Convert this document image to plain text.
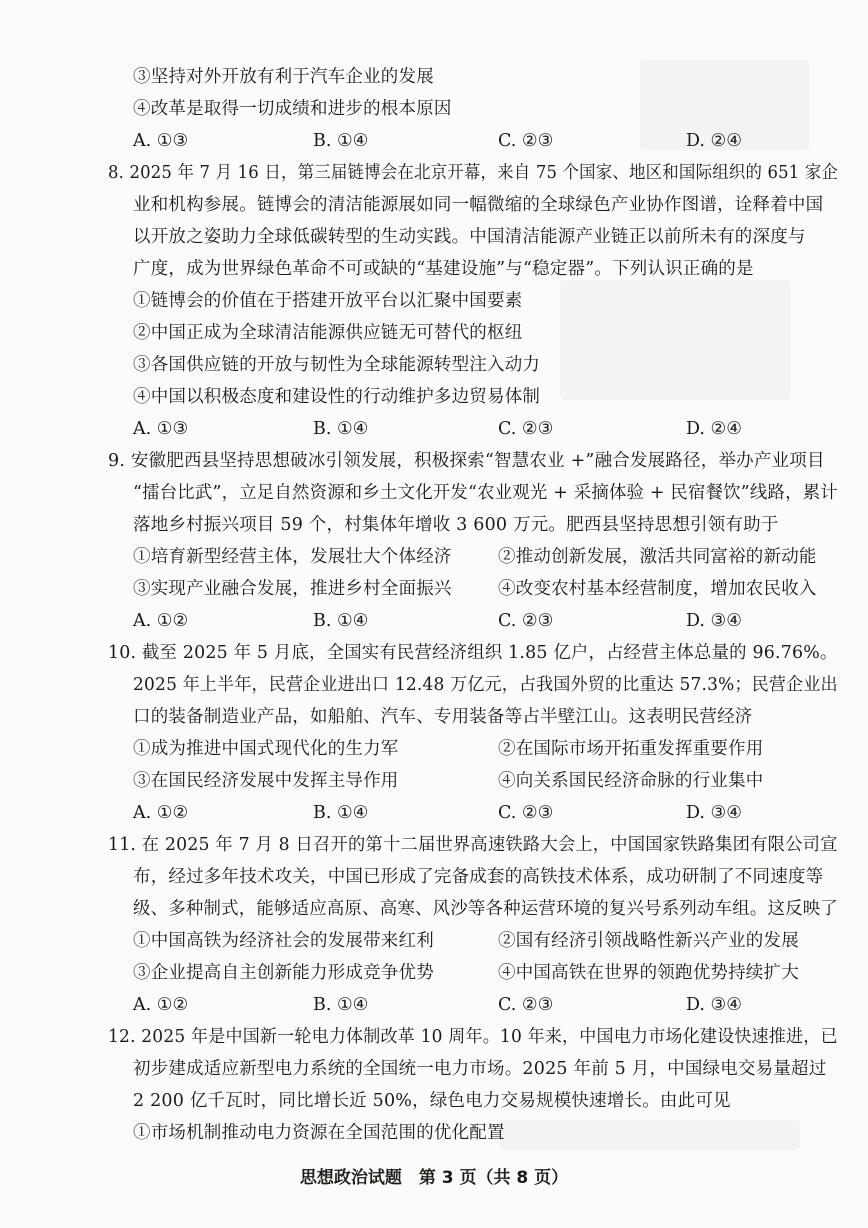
③坚持对外开放有利于汽车企业的发展
④改革是取得一切成绩和进步的根本原因
A. ①③	B. ①④	C. ②③	D. ②④
8. 2025 年 7 月 16 日，第三届链博会在北京开幕，来自 75 个国家、地区和国际组织的 651 家企
业和机构参展。链博会的清洁能源展如同一幅微缩的全球绿色产业协作图谱，诠释着中国
以开放之姿助力全球低碳转型的生动实践。中国清洁能源产业链正以前所未有的深度与
广度，成为世界绿色革命不可或缺的“基建设施”与“稳定器”。下列认识正确的是
①链博会的价值在于搭建开放平台以汇聚中国要素
②中国正成为全球清洁能源供应链无可替代的枢纽
③各国供应链的开放与韧性为全球能源转型注入动力
④中国以积极态度和建设性的行动维护多边贸易体制
A. ①③	B. ①④	C. ②③	D. ②④
9. 安徽肥西县坚持思想破冰引领发展，积极探索“智慧农业 +”融合发展路径，举办产业项目
“擂台比武”，立足自然资源和乡土文化开发“农业观光 + 采摘体验 + 民宿餐饮”线路，累计
落地乡村振兴项目 59 个，村集体年增收 3 600 万元。肥西县坚持思想引领有助于
①培育新型经营主体，发展壮大个体经济	②推动创新发展，激活共同富裕的新动能
③实现产业融合发展，推进乡村全面振兴	④改变农村基本经营制度，增加农民收入
A. ①②	B. ①④	C. ②③	D. ③④
10. 截至 2025 年 5 月底，全国实有民营经济组织 1.85 亿户，占经营主体总量的 96.76%。
2025 年上半年，民营企业进出口 12.48 万亿元，占我国外贸的比重达 57.3%；民营企业出
口的装备制造业产品，如船舶、汽车、专用装备等占半壁江山。这表明民营经济
①成为推进中国式现代化的生力军	②在国际市场开拓重发挥重要作用
③在国民经济发展中发挥主导作用	④向关系国民经济命脉的行业集中
A. ①②	B. ①④	C. ②③	D. ③④
11. 在 2025 年 7 月 8 日召开的第十二届世界高速铁路大会上，中国国家铁路集团有限公司宣
布，经过多年技术攻关，中国已形成了完备成套的高铁技术体系，成功研制了不同速度等
级、多种制式，能够适应高原、高寒、风沙等各种运营环境的复兴号系列动车组。这反映了
①中国高铁为经济社会的发展带来红利	②国有经济引领战略性新兴产业的发展
③企业提高自主创新能力形成竞争优势	④中国高铁在世界的领跑优势持续扩大
A. ①②	B. ①④	C. ②③	D. ③④
12. 2025 年是中国新一轮电力体制改革 10 周年。10 年来，中国电力市场化建设快速推进，已
初步建成适应新型电力系统的全国统一电力市场。2025 年前 5 月，中国绿电交易量超过
2 200 亿千瓦时，同比增长近 50%，绿色电力交易规模快速增长。由此可见
①市场机制推动电力资源在全国范围的优化配置
思想政治试题　第 3 页（共 8 页）
